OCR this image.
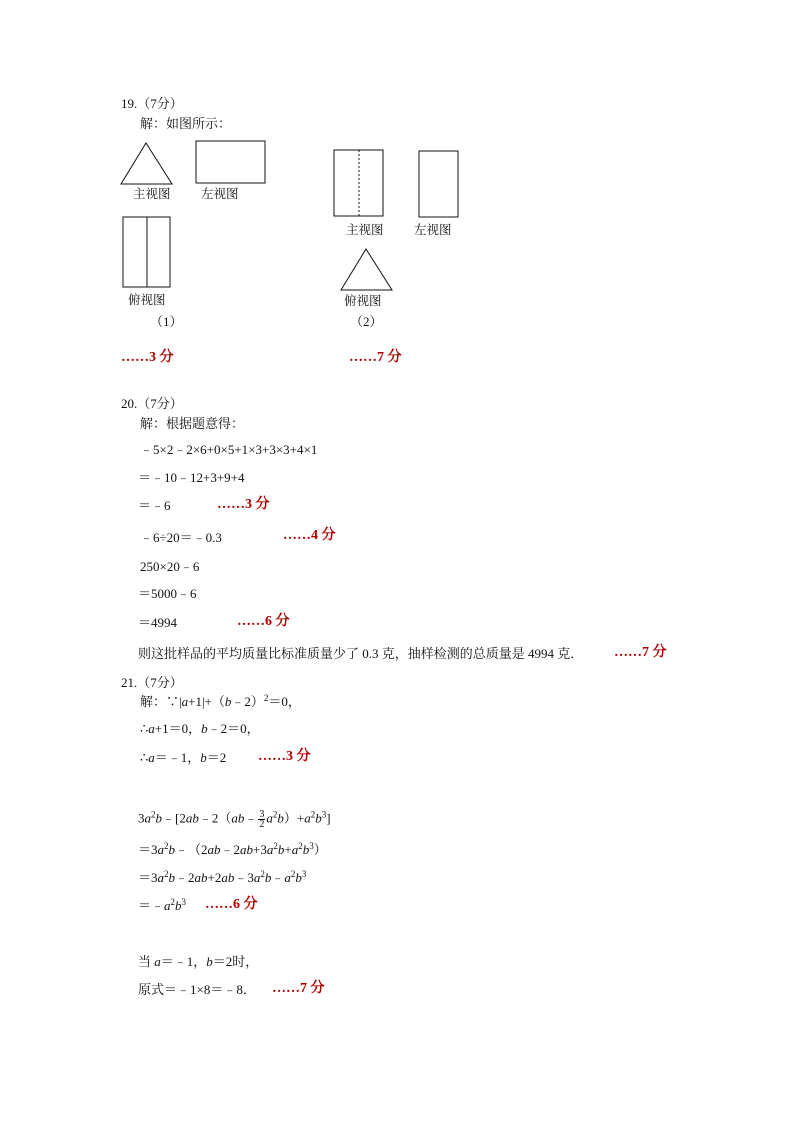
19.（7分）
解：如图所示：
主视图 左视图
俯视图
（1）
……3 分
主视图 左视图
俯视图
（2）
……7 分
20.（7分）
解：根据题意得：
﹣5×2﹣2×6+0×5+1×3+3×3+4×1
＝﹣10﹣12+3+9+4
＝﹣6	……3 分
﹣6÷20＝﹣0.3	……4 分
250×20﹣6
＝5000﹣6
＝4994	……6 分
则这批样品的平均质量比标准质量少了 0.3 克，抽样检测的总质量是 4994 克． ……7 分
21.（7分）
解：∵|a+1|+（b﹣2）$^2$＝0，
∴a+1＝0，b﹣2＝0，
∴a＝﹣1，b＝2 ……3 分
$3a^2b﹣[2ab﹣2(ab﹣ \frac{3}{2} a^2b)+a^2b^3]$
$=3a^2b﹣(2ab﹣2ab+3a^2b+a^2b^3)$
$=3a^2b﹣2ab+2ab﹣3a^2b﹣a^2b^3$
$=﹣a^2b^3$ ……6 分
当 a＝﹣1，b＝2时，
原式＝﹣1×8＝﹣8． ……7 分
